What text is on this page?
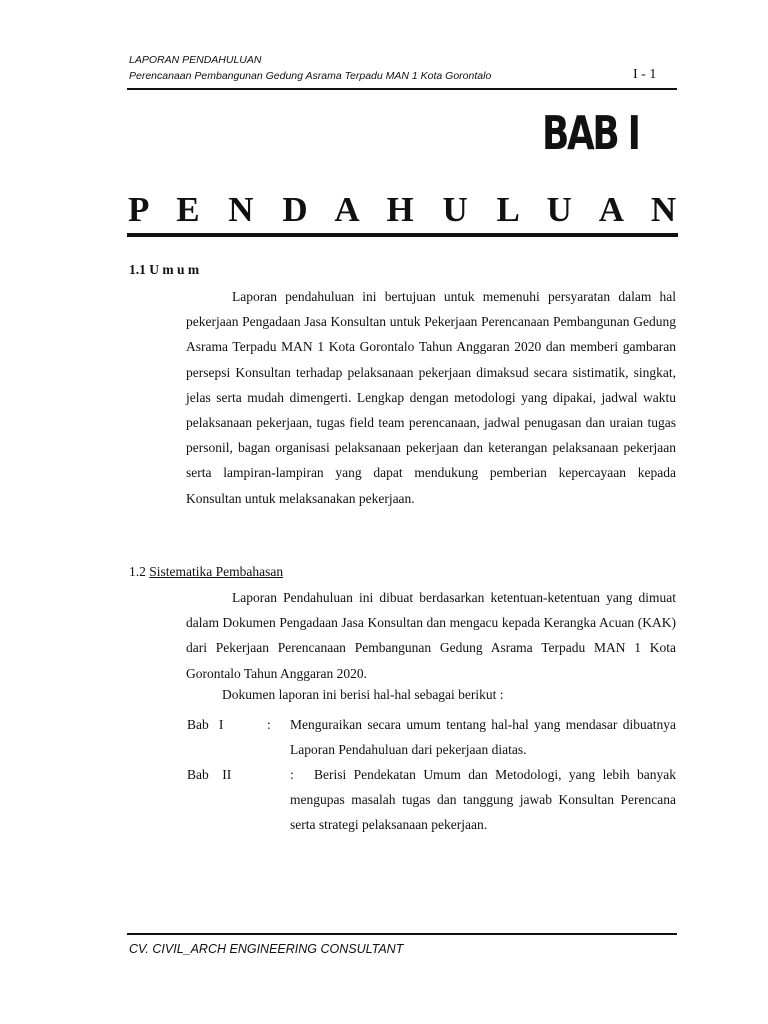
LAPORAN PENDAHULUAN
Perencanaan Pembangunan Gedung Asrama Terpadu MAN 1 Kota Gorontalo	I - 1
BAB I
P E N D A H U L U A N
1.1 U m u m

Laporan pendahuluan ini bertujuan untuk memenuhi persyaratan dalam hal pekerjaan Pengadaan Jasa Konsultan untuk Pekerjaan Perencanaan Pembangunan Gedung Asrama Terpadu MAN 1 Kota Gorontalo Tahun Anggaran 2020 dan memberi gambaran persepsi Konsultan terhadap pelaksanaan pekerjaan dimaksud secara sistimatik, singkat, jelas serta mudah dimengerti. Lengkap dengan metodologi yang dipakai, jadwal waktu pelaksanaan pekerjaan, tugas field team perencanaan, jadwal penugasan dan uraian tugas personil, bagan organisasi pelaksanaan pekerjaan dan keterangan pelaksanaan pekerjaan serta lampiran-lampiran yang dapat mendukung pemberian kepercayaan kepada Konsultan untuk melaksanakan pekerjaan.

1.2 Sistematika Pembahasan

Laporan Pendahuluan ini dibuat berdasarkan ketentuan-ketentuan yang dimuat dalam Dokumen Pengadaan Jasa Konsultan dan mengacu kepada Kerangka Acuan (KAK) dari Pekerjaan Perencanaan Pembangunan Gedung Asrama Terpadu MAN 1 Kota Gorontalo Tahun Anggaran 2020.

Dokumen laporan ini berisi hal-hal sebagai berikut :
Bab   I	: Menguraikan secara umum tentang hal-hal yang mendasar dibuatnya Laporan Pendahuluan dari pekerjaan diatas.
Bab    II	:	Berisi Pendekatan Umum dan Metodologi, yang lebih banyak mengupas masalah tugas dan tanggung jawab Konsultan Perencana serta strategi pelaksanaan pekerjaan.
CV. CIVIL_ARCH ENGINEERING CONSULTANT
